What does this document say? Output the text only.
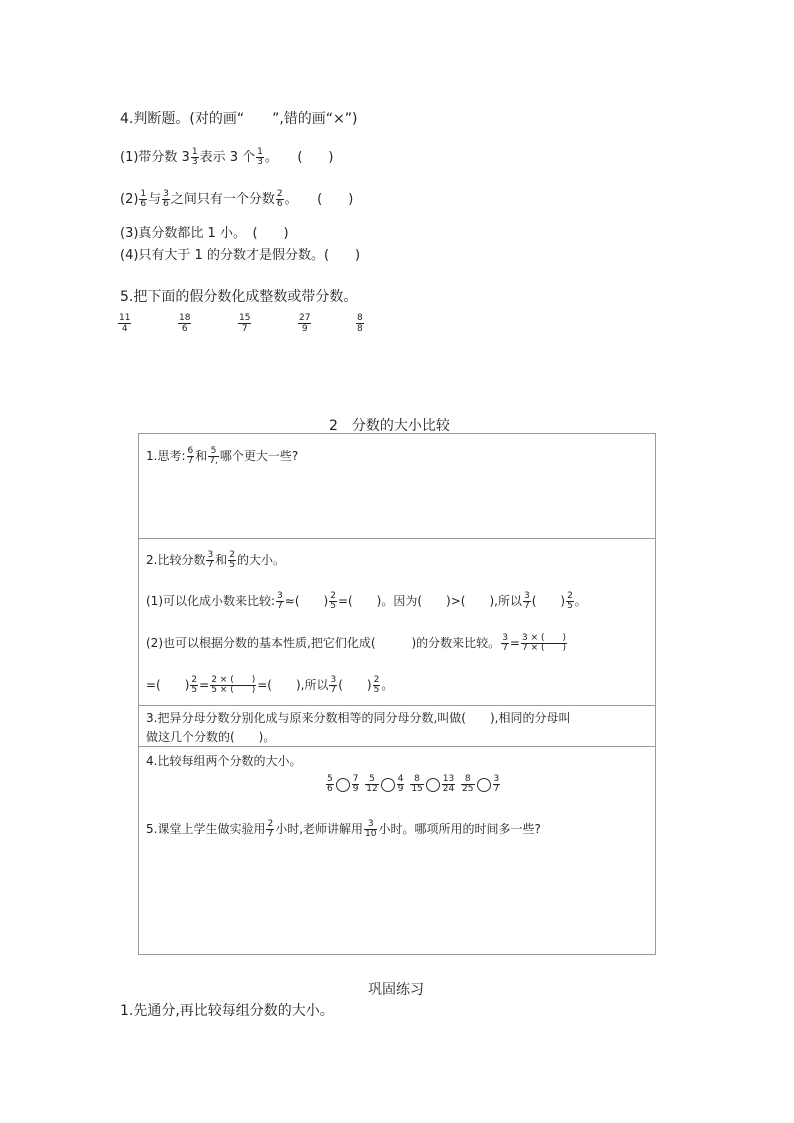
4.判断题。(对的画“　　”,错的画“×”)
(1)带分数 $3 \frac{1}{3}$ 表示 3 个 $\frac{1}{3}$ 。　　(　　)
$(2) \frac{1}{6}$ 与 $\frac{3}{6}$ 之间只有一个分数 $\frac{2}{6}$ 。　　(　　)
(3)真分数都比 1 小。　(　　)
(4)只有大于 1 的分数才是假分数。(　　)
5.把下面的假分数化成整数或带分数。
11
4
18
6
15
7
27
9
8
8
2　分数的大小比较
1.思考: $\frac{6}{7}$ 和 $\frac{5}{7,}$ 哪个更大一些?
2.比较分数 $\frac{3}{7}$ 和 $\frac{2}{5}$ 的大小。
(1)可以化成小数来比较: $\frac{3}{7}$ ≈(　　) $\frac{2}{5}$ =(　　)。因为(　　)>(　　),所以 $\frac{3}{7}$ (　　) $\frac{2}{5}$ 。
(2)也可以根据分数的基本性质,把它们化成(　　　)的分数来比较。 $\frac{3}{7} = \frac{3 \times ( )}{7 \times ( )}$
=(　　) $\frac{2}{5} = \frac{2 \times ( )}{5 \times ( )}$ =(　　),所以 $\frac{3}{7}$ (　　) $\frac{2}{5}$ 。
3.把异分母分数分别化成与原来分数相等的同分母分数,叫做(　　),相同的分母叫
做这几个分数的(　　)。
4.比较每组两个分数的大小。
$\frac{5}{6} \frac{7}{9}$
$\frac{5}{12} \frac{4}{9}$
$\frac{8}{15} \frac{13}{24}$
$\frac{8}{25} \frac{3}{7}$
5.课堂上学生做实验用 $\frac{2}{7}$ 小时,老师讲解用 $\frac{3}{10}$ 小时。哪项所用的时间多一些?
巩固练习
1.先通分,再比较每组分数的大小。
